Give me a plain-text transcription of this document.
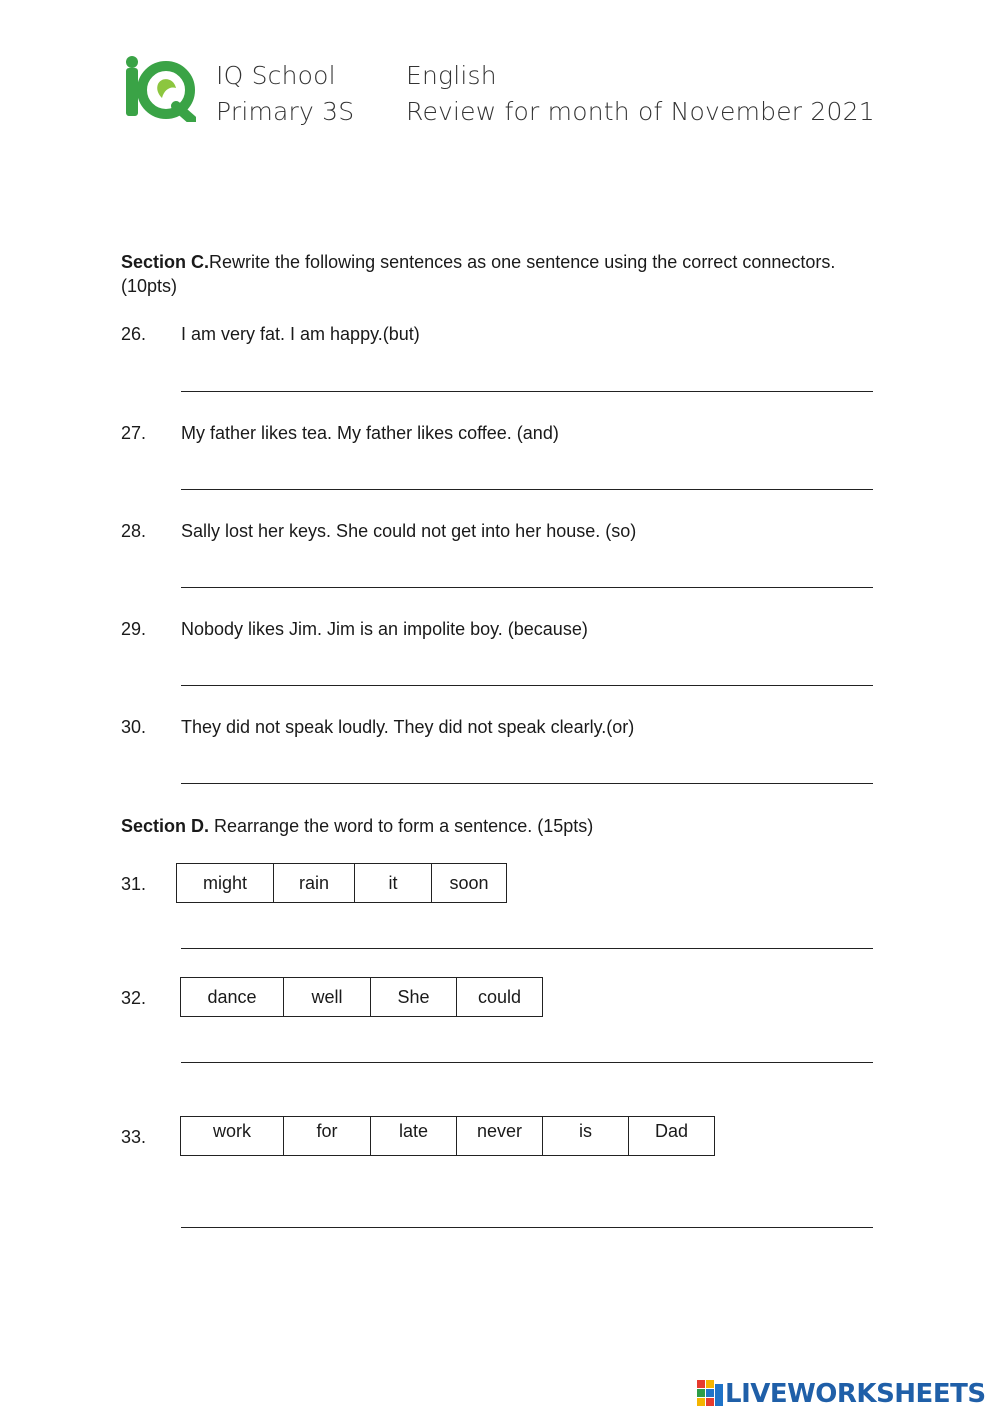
IQ School
Primary 3S
English
Review for month of November 2021
Section C.Rewrite the following sentences as one sentence using the correct connectors.
(10pts)
26. I am very fat. I am happy.(but)
27. My father likes tea. My father likes coffee. (and)
28. Sally lost her keys. She could not get into her house. (so)
29. Nobody likes Jim. Jim is an impolite boy. (because)
30. They did not speak loudly. They did not speak clearly.(or)
Section D. Rearrange the word to form a sentence. (15pts)
31.	might	rain	it	soon
32.	dance	well	She	could
33.	work	for	late	never	is	Dad
LIVEWORKSHEETS
